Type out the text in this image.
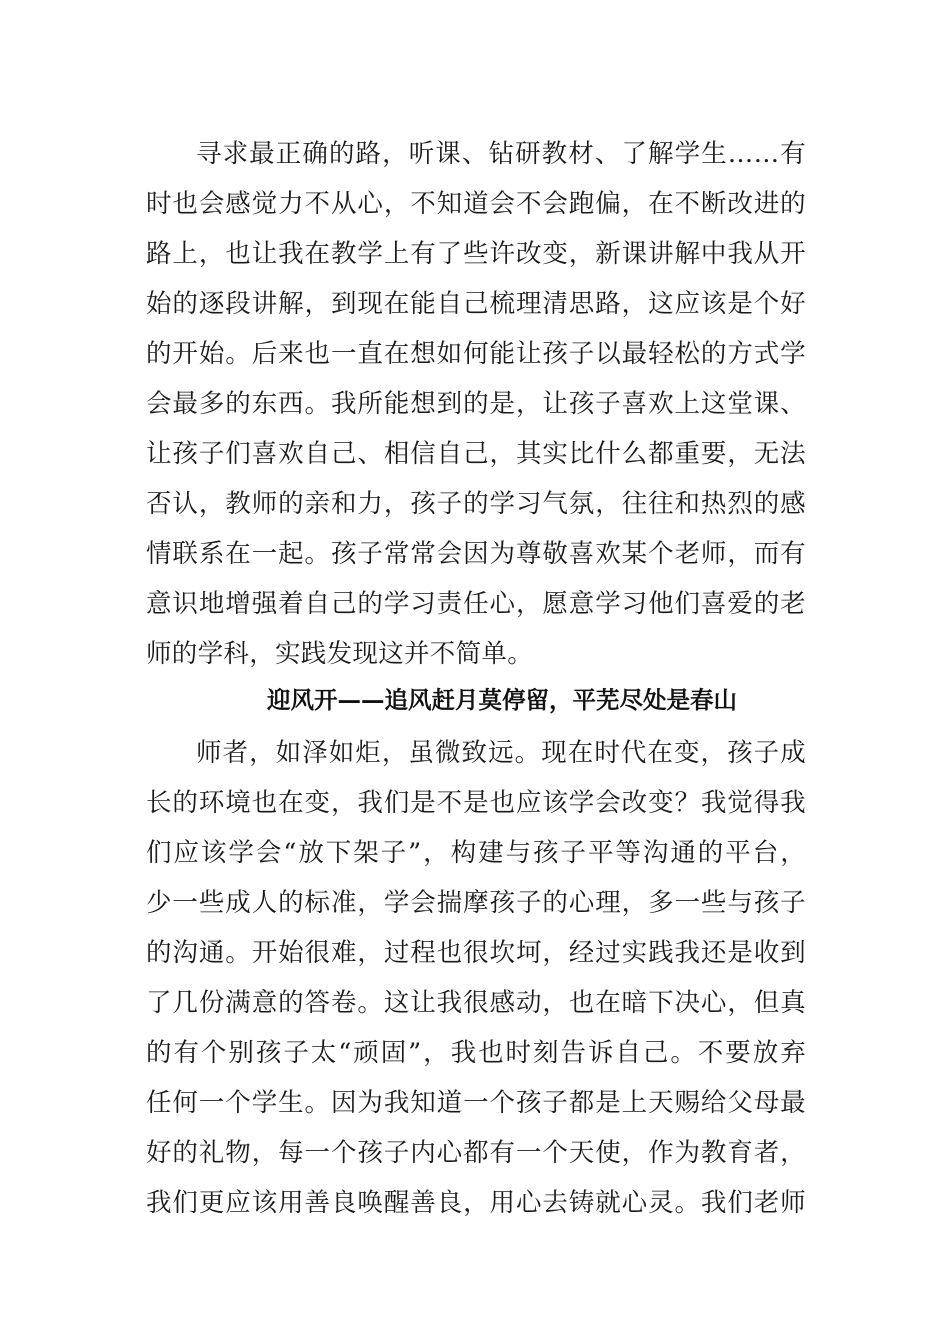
寻求最正确的路，听课、钻研教材、了解学生……有
时也会感觉力不从心，不知道会不会跑偏，在不断改进的
路上，也让我在教学上有了些许改变，新课讲解中我从开
始的逐段讲解，到现在能自己梳理清思路，这应该是个好
的开始。后来也一直在想如何能让孩子以最轻松的方式学
会最多的东西。我所能想到的是，让孩子喜欢上这堂课、
让孩子们喜欢自己、相信自己，其实比什么都重要，无法
否认，教师的亲和力，孩子的学习气氛，往往和热烈的感
情联系在一起。孩子常常会因为尊敬喜欢某个老师，而有
意识地增强着自己的学习责任心，愿意学习他们喜爱的老
师的学科，实践发现这并不简单。
迎风开——追风赶月莫停留，平芜尽处是春山
师者，如泽如炬，虽微致远。现在时代在变，孩子成
长的环境也在变，我们是不是也应该学会改变？我觉得我
们应该学会“放下架子”，构建与孩子平等沟通的平台，
少一些成人的标准，学会揣摩孩子的心理，多一些与孩子
的沟通。开始很难，过程也很坎坷，经过实践我还是收到
了几份满意的答卷。这让我很感动，也在暗下决心，但真
的有个别孩子太“顽固”，我也时刻告诉自己。不要放弃
任何一个学生。因为我知道一个孩子都是上天赐给父母最
好的礼物，每一个孩子内心都有一个天使，作为教育者，
我们更应该用善良唤醒善良，用心去铸就心灵。我们老师
